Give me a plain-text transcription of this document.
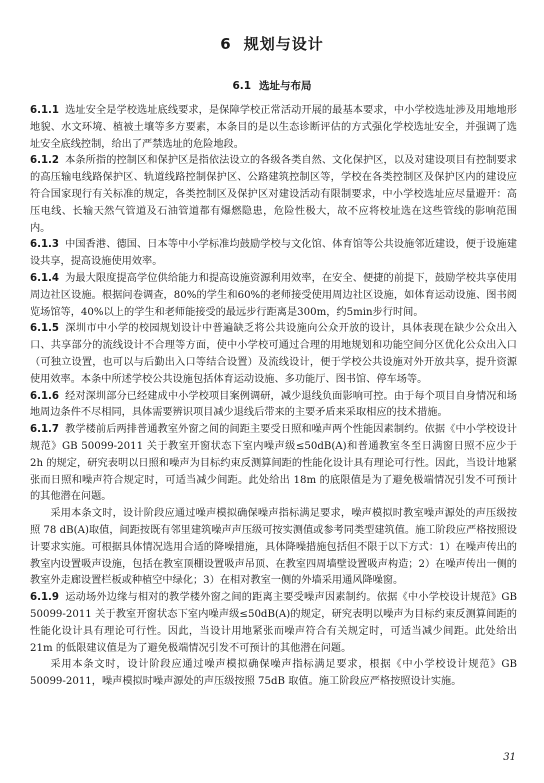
6 规划与设计
6.1 选址与布局

6.1.1 选址安全是学校选址底线要求，是保障学校正常活动开展的最基本要求，中小学校选址涉及用地地形地貌、水文环境、植被土壤等多方要素，本条目的是以生态诊断评估的方式强化学校选址安全，并强调了选址安全底线控制，给出了严禁选址的危险地段。

6.1.2 本条所指的控制区和保护区是指依法设立的各级各类自然、文化保护区，以及对建设项目有控制要求的高压输电线路保护区、轨道线路控制保护区、公路建筑控制区等，学校在各类控制区及保护区内的建设应符合国家现行有关标准的规定，各类控制区及保护区对建设活动有限制要求，中小学校选址应尽量避开：高压电线、长输天然气管道及石油管道都有爆燃隐患，危险性极大，故不应将校址选在这些管线的影响范围内。

6.1.3 中国香港、德国、日本等中小学标准均鼓励学校与文化馆、体育馆等公共设施邻近建设，便于设施建设共享，提高设施使用效率。

6.1.4 为最大限度提高学位供给能力和提高设施资源利用效率，在安全、便捷的前提下，鼓励学校共享使用周边社区设施。根据问卷调查，80%的学生和60%的老师接受使用周边社区设施，如体育运动设施、图书阅览场馆等，40%以上的学生和老师能接受的最远步行距离是300m，约5min步行时间。

6.1.5 深圳市中小学的校园规划设计中普遍缺乏将公共设施向公众开放的设计，具体表现在缺少公众出入口、共享部分的流线设计不合理等方面，使中小学校可通过合理的用地规划和功能空间分区优化公众出入口（可独立设置，也可以与后勤出入口等结合设置）及流线设计，便于学校公共设施对外开放共享，提升资源使用效率。本条中所述学校公共设施包括体育运动设施、多功能厅、图书馆、停车场等。

6.1.6 经对深圳部分已经建成中小学校项目案例调研，减少退线负面影响可控。由于每个项目自身情况和场地周边条件不尽相同，具体需要辨识项目减少退线后带来的主要矛盾来采取相应的技术措施。

6.1.7 教学楼前后两排普通教室外窗之间的间距主要受日照和噪声两个性能因素制约。依据《中小学校设计规范》GB 50099-2011 关于教室开窗状态下室内噪声级≤50dB(A)和普通教室冬至日满窗日照不应少于 2h 的规定，研究表明以日照和噪声为目标约束反测算间距的性能化设计具有理论可行性。因此，当设计地紧张而日照和噪声符合规定时，可适当减少间距。此处给出 18m 的底限值是为了避免极端情况引发不可预计的其他潜在问题。

采用本条文时，设计阶段应通过噪声模拟确保噪声指标满足要求，噪声模拟时教室噪声源处的声压级按照 78 dB(A)取值，间距按既有邻里建筑噪声声压级可按实测值或参考同类型建筑值。施工阶段应严格按照设计要求实施。可根据具体情况选用合适的降噪措施，具体降噪措施包括但不限于以下方式：1）在噪声传出的教室内设置吸声设施，包括在教室顶棚设置吸声吊顶、在教室四周墙壁设置吸声构造；2）在噪声传出一侧的教室外走廊设置栏板或种植空中绿化；3）在相对教室一侧的外墙采用通风降噪窗。

6.1.9 运动场外边缘与相对的教学楼外窗之间的距离主要受噪声因素制约。依据《中小学校设计规范》GB 50099-2011 关于教室开窗状态下室内噪声级≤50dB(A)的规定，研究表明以噪声为目标约束反测算间距的性能化设计具有理论可行性。因此，当设计用地紧张而噪声符合有关规定时，可适当减少间距。此处给出 21m 的低限建议值是为了避免极端情况引发不可预计的其他潜在问题。

采用本条文时，设计阶段应通过噪声模拟确保噪声指标满足要求，根据《中小学校设计规范》GB 50099-2011，噪声模拟时噪声源处的声压级按照 75dB 取值。施工阶段应严格按照设计实施。

31
